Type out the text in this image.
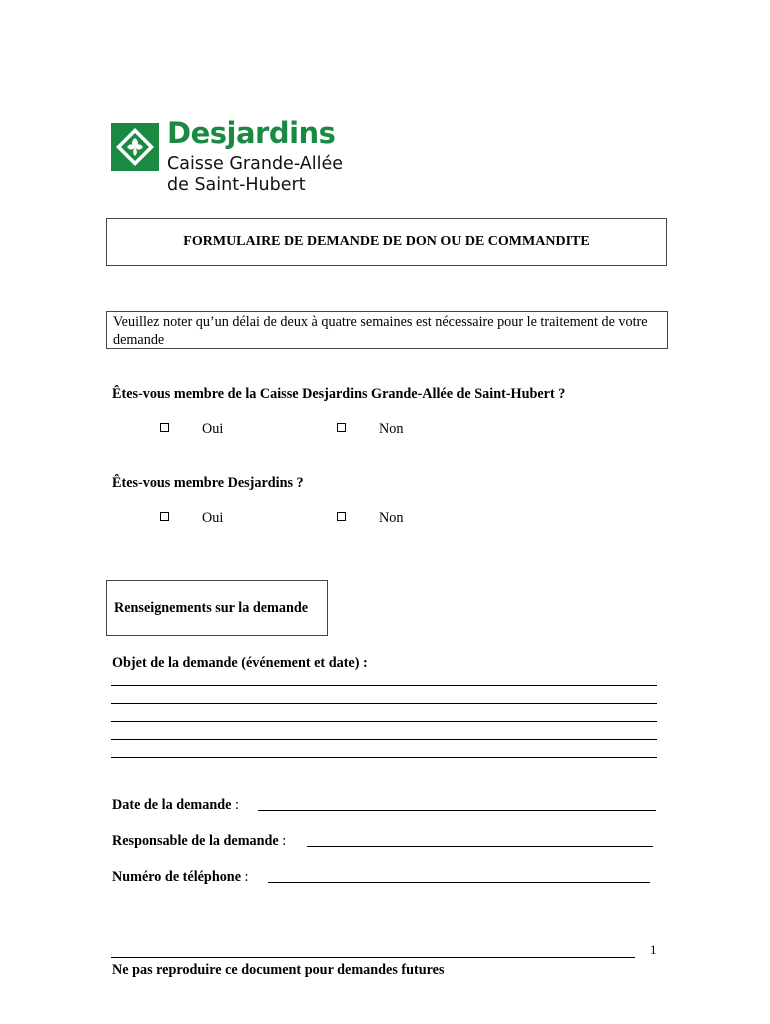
Desjardins
Caisse Grande-Allée
de Saint-Hubert
FORMULAIRE DE DEMANDE DE DON OU DE COMMANDITE
Veuillez noter qu’un délai de deux à quatre semaines est nécessaire pour le traitement de votre demande
Êtes-vous membre de la Caisse Desjardins Grande-Allée de Saint-Hubert ?
Oui	Non
Êtes-vous membre Desjardins ?
Oui	Non
Renseignements sur la demande
Objet de la demande (événement et date) :
Date de la demande :
Responsable de la demande :
Numéro de téléphone :
1
Ne pas reproduire ce document pour demandes futures
